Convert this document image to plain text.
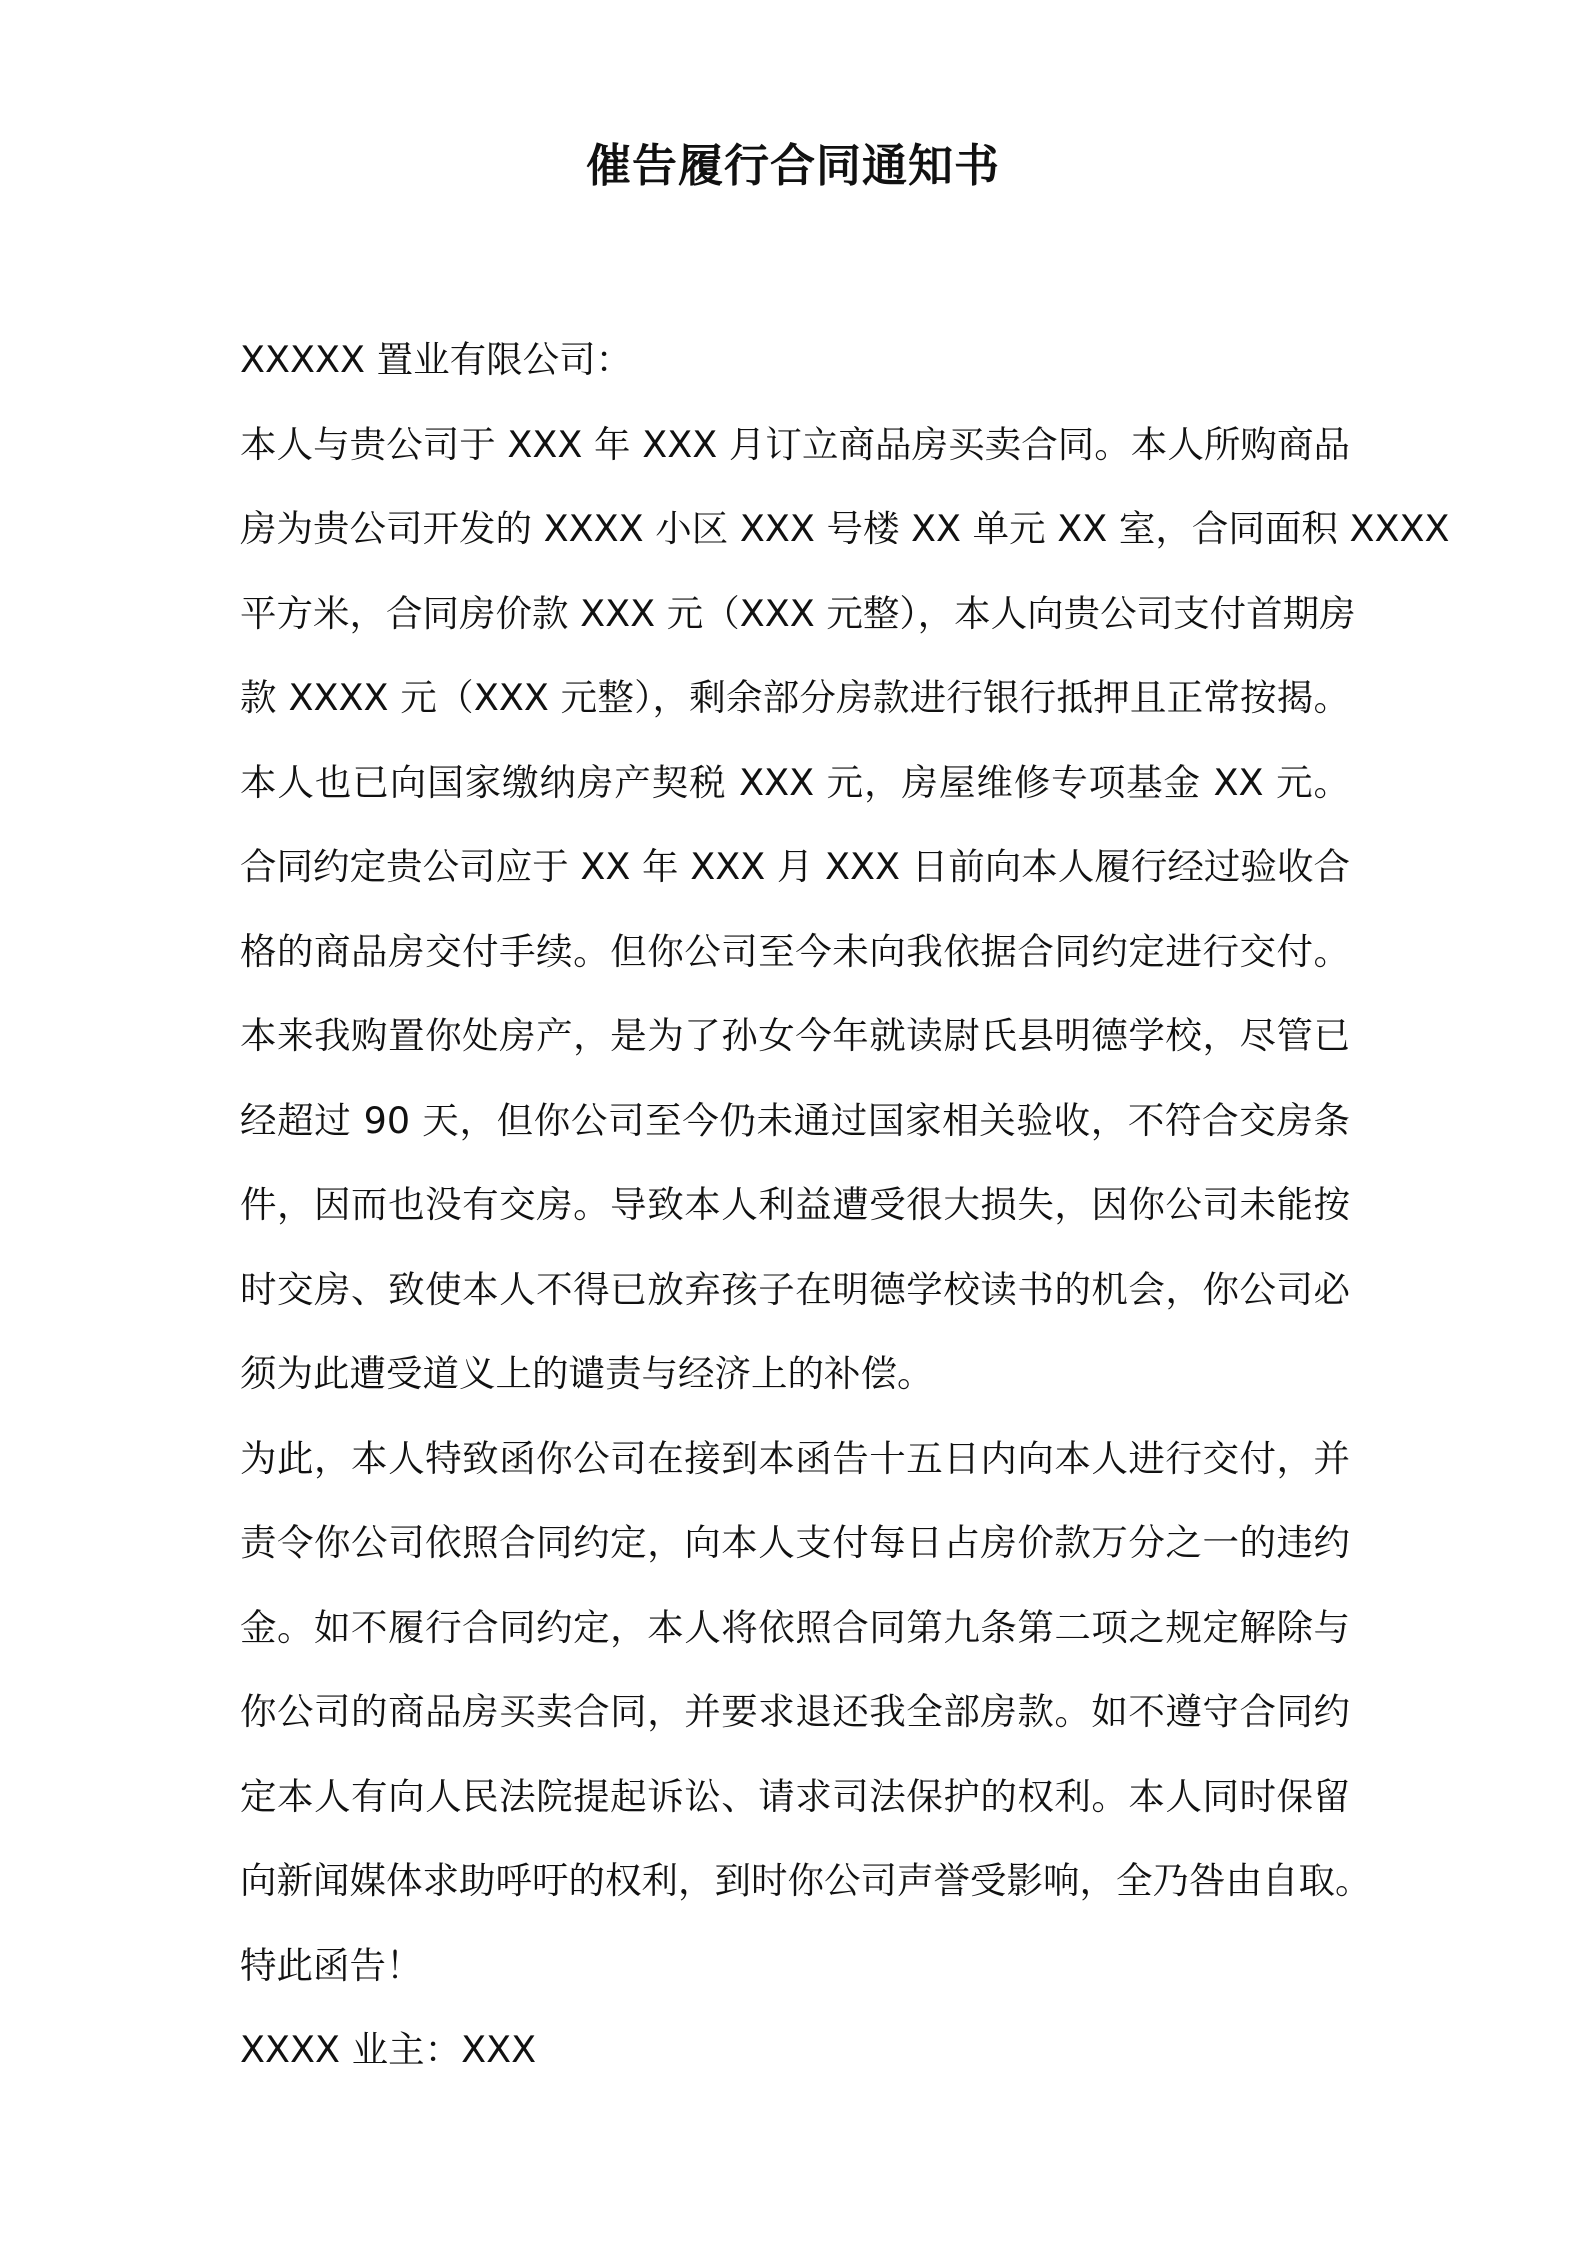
催告履行合同通知书

XXXXX 置业有限公司：

本人与贵公司于 XXX 年 XXX 月订立商品房买卖合同。本人所购商品

房为贵公司开发的 XXXX 小区 XXX 号楼 XX 单元 XX 室，合同面积 XXXX

平方米，合同房价款 XXX 元（XXX 元整），本人向贵公司支付首期房

款 XXXX 元（XXX 元整），剩余部分房款进行银行抵押且正常按揭。

本人也已向国家缴纳房产契税 XXX 元，房屋维修专项基金 XX 元。

合同约定贵公司应于 XX 年 XXX 月 XXX 日前向本人履行经过验收合

格的商品房交付手续。但你公司至今未向我依据合同约定进行交付。

本来我购置你处房产，是为了孙女今年就读尉氏县明德学校，尽管已

经超过 90 天，但你公司至今仍未通过国家相关验收，不符合交房条

件，因而也没有交房。导致本人利益遭受很大损失，因你公司未能按

时交房、致使本人不得已放弃孩子在明德学校读书的机会，你公司必

须为此遭受道义上的谴责与经济上的补偿。

为此，本人特致函你公司在接到本函告十五日内向本人进行交付，并

责令你公司依照合同约定，向本人支付每日占房价款万分之一的违约

金。如不履行合同约定，本人将依照合同第九条第二项之规定解除与

你公司的商品房买卖合同，并要求退还我全部房款。如不遵守合同约

定本人有向人民法院提起诉讼、请求司法保护的权利。本人同时保留

向新闻媒体求助呼吁的权利，到时你公司声誉受影响，全乃咎由自取。

特此函告！

XXXX 业主：XXX
